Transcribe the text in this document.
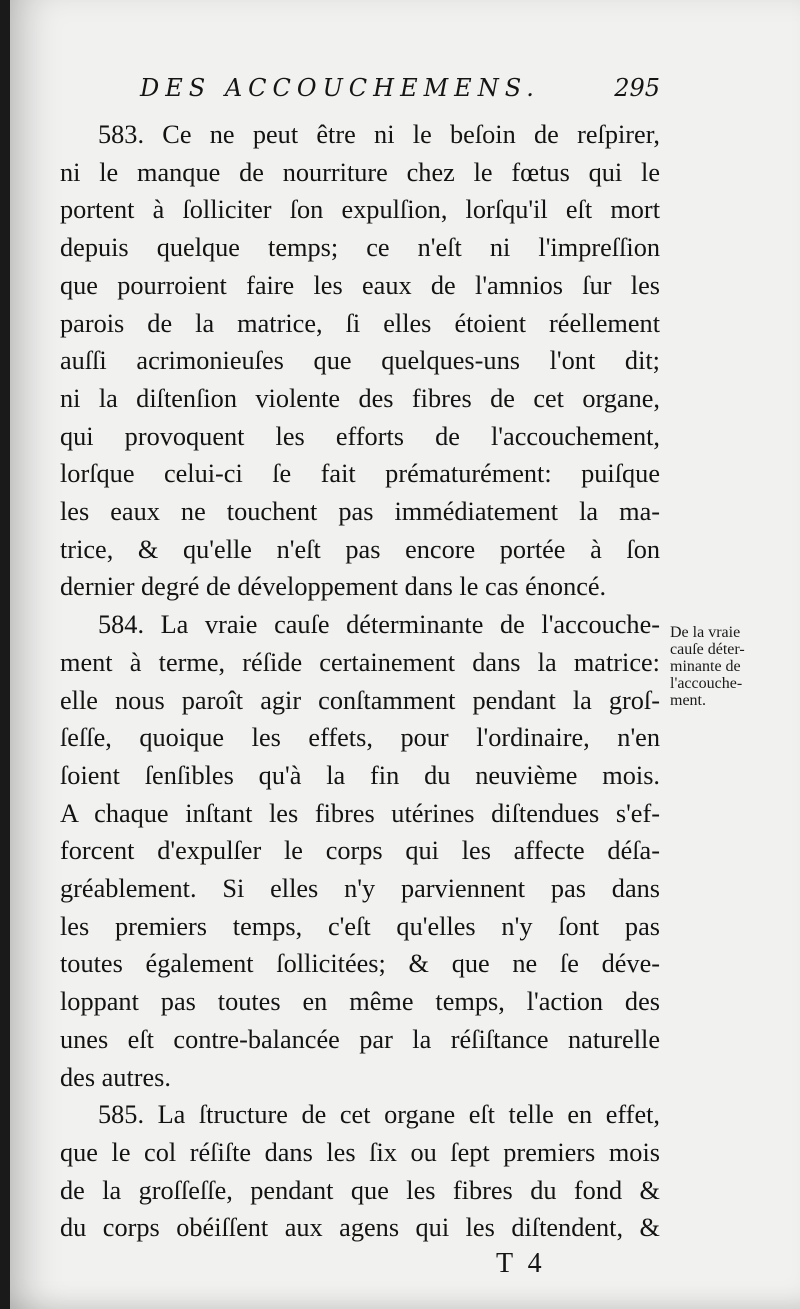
DES ACCOUCHEMENS.	295

583. Ce ne peut être ni le beſoin de reſpirer,
ni le manque de nourriture chez le fœtus qui le
portent à ſolliciter ſon expulſion, lorſqu'il eſt mort
depuis quelque temps; ce n'eſt ni l'impreſſion
que pourroient faire les eaux de l'amnios ſur les
parois de la matrice, ſi elles étoient réellement
auſſi acrimonieuſes que quelques-uns l'ont dit;
ni la diſtenſion violente des fibres de cet organe,
qui provoquent les efforts de l'accouchement,
lorſque celui-ci ſe fait prématurément: puiſque
les eaux ne touchent pas immédiatement la ma-
trice, & qu'elle n'eſt pas encore portée à ſon
dernier degré de développement dans le cas énoncé.

584. La vraie cauſe déterminante de l'accouche-
ment à terme, réſide certainement dans la matrice:
elle nous paroît agir conſtamment pendant la groſ-
ſeſſe, quoique les effets, pour l'ordinaire, n'en
ſoient ſenſibles qu'à la fin du neuvième mois.
A chaque inſtant les fibres utérines diſtendues s'ef-
forcent d'expulſer le corps qui les affecte déſa-
gréablement. Si elles n'y parviennent pas dans
les premiers temps, c'eſt qu'elles n'y ſont pas
toutes également ſollicitées; & que ne ſe déve-
loppant pas toutes en même temps, l'action des
unes eſt contre-balancée par la réſiſtance naturelle
des autres.

585. La ſtructure de cet organe eſt telle en effet,
que le col réſiſte dans les ſix ou ſept premiers mois
de la groſſeſſe, pendant que les fibres du fond &
du corps obéiſſent aux agens qui les diſtendent, &

De la vraie
cauſe déter-
minante de
l'accouche-
ment.
T 4
